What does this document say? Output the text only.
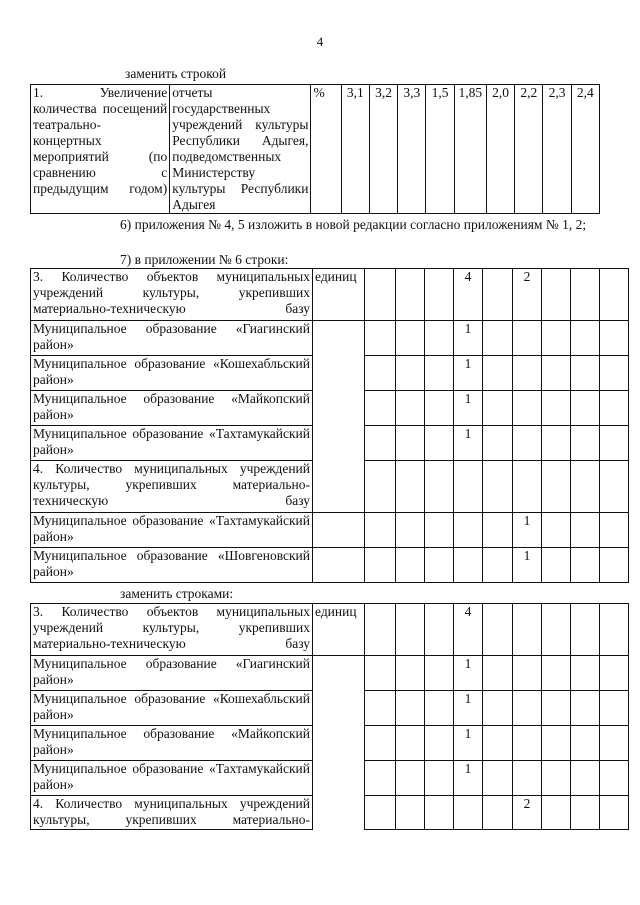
4
заменить строкой
1. Увеличение количества посещений театрально-концертных мероприятий (по сравнению с предыдущим годом)	отчеты государственных учреждений культуры Республики Адыгея, подведомственных Министерству культуры Республики Адыгея	%	3,1	3,2	3,3	1,5	1,85	2,0	2,2	2,3	2,4
6) приложения № 4, 5 изложить в новой редакции согласно приложениям № 1, 2;
7) в приложении № 6 строки:
3. Количество объектов муниципальных учреждений культуры, укрепивших материально-техническую базу	единиц				4		2			
Муниципальное образование «Гиагинский район»					1					
Муниципальное образование «Кошехабльский район»					1					
Муниципальное образование «Майкопский район»					1					
Муниципальное образование «Тахтамукайский район»					1					
4. Количество муниципальных учреждений культуры, укрепивших материально-техническую базу										
Муниципальное образование «Тахтамукайский район»							1			
Муниципальное образование «Шовгеновский район»							1			
заменить строками:
3. Количество объектов муниципальных учреждений культуры, укрепивших материально-техническую базу	единиц				4					
Муниципальное образование «Гиагинский район»					1					
Муниципальное образование «Кошехабльский район»					1					
Муниципальное образование «Майкопский район»					1					
Муниципальное образование «Тахтамукайский район»					1					
4. Количество муниципальных учреждений культуры, укрепивших материально-							2			
